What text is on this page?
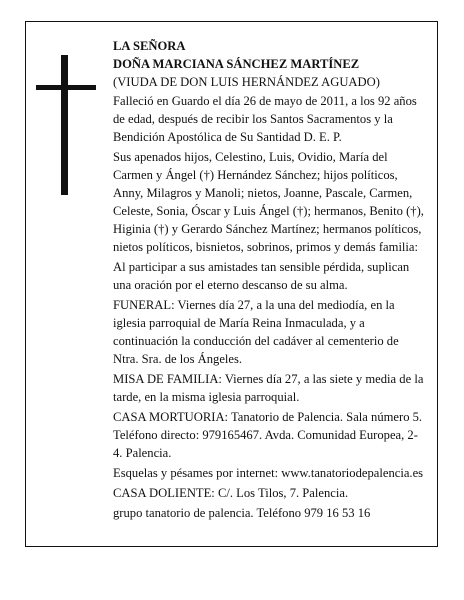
LA SEÑORA

DOÑA MARCIANA SÁNCHEZ MARTÍNEZ

(VIUDA DE DON LUIS HERNÁNDEZ AGUADO)

Falleció en Guardo el día 26 de mayo de 2011, a los 92 años de edad, después de recibir los Santos Sacramentos y la Bendición Apostólica de Su Santidad D. E. P.

Sus apenados hijos, Celestino, Luis, Ovidio, María del Carmen y Ángel (†) Hernández Sánchez; hijos políticos, Anny, Milagros y Manoli; nietos, Joanne, Pascale, Carmen, Celeste, Sonia, Óscar y Luis Ángel (†); hermanos, Benito (†), Higinia (†) y Gerardo Sánchez Martínez; hermanos políticos, nietos políticos, bisnietos, sobrinos, primos y demás familia:

Al participar a sus amistades tan sensible pérdida, suplican una oración por el eterno descanso de su alma.

FUNERAL: Viernes día 27, a la una del mediodía, en la iglesia parroquial de María Reina Inmaculada, y a continuación la conducción del cadáver al cementerio de Ntra. Sra. de los Ángeles.

MISA DE FAMILIA: Viernes día 27, a las siete y media de la tarde, en la misma iglesia parroquial.

CASA MORTUORIA: Tanatorio de Palencia. Sala número 5. Teléfono directo: 979165467. Avda. Comunidad Europea, 2-4. Palencia.

Esquelas y pésames por internet: www.tanatoriodepalencia.es

CASA DOLIENTE: C/. Los Tilos, 7. Palencia.

grupo tanatorio de palencia. Teléfono 979 16 53 16
